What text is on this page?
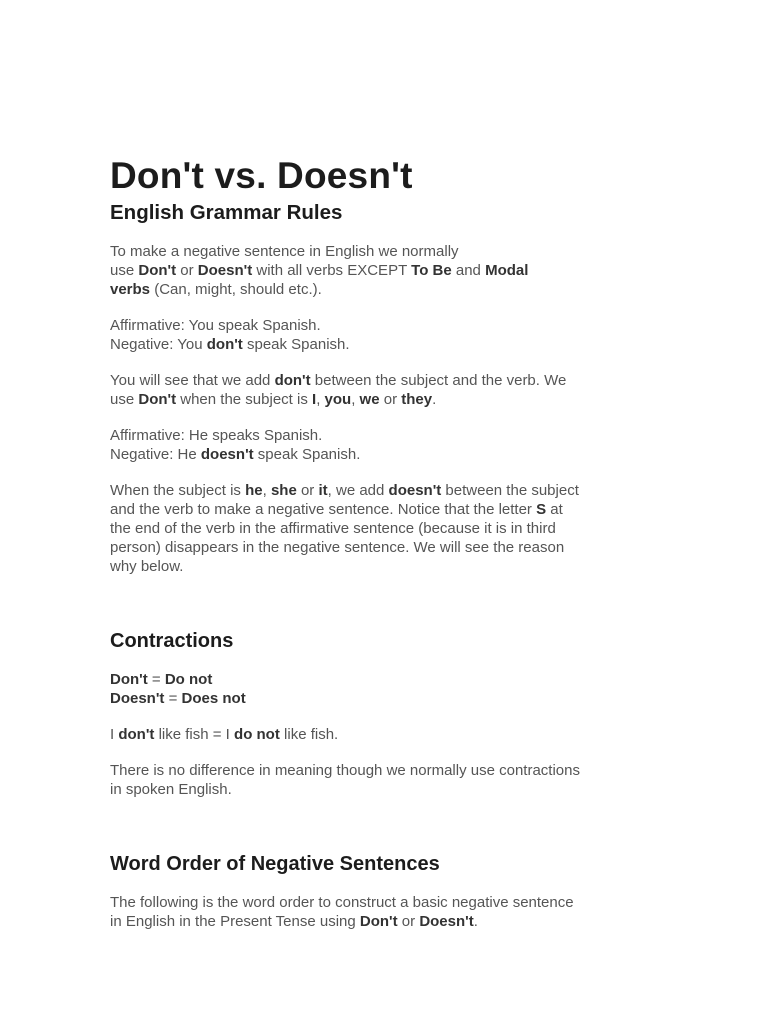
Don't vs. Doesn't
English Grammar Rules

To make a negative sentence in English we normally
use Don't or Doesn't with all verbs EXCEPT To Be and Modal
verbs (Can, might, should etc.).

Affirmative: You speak Spanish.
Negative: You don't speak Spanish.

You will see that we add don't between the subject and the verb. We
use Don't when the subject is I, you, we or they.

Affirmative: He speaks Spanish.
Negative: He doesn't speak Spanish.

When the subject is he, she or it, we add doesn't between the subject
and the verb to make a negative sentence. Notice that the letter S at
the end of the verb in the affirmative sentence (because it is in third
person) disappears in the negative sentence. We will see the reason
why below.

Contractions

Don't = Do not
Doesn't = Does not

I don't like fish = I do not like fish.

There is no difference in meaning though we normally use contractions
in spoken English.

Word Order of Negative Sentences

The following is the word order to construct a basic negative sentence
in English in the Present Tense using Don't or Doesn't.
